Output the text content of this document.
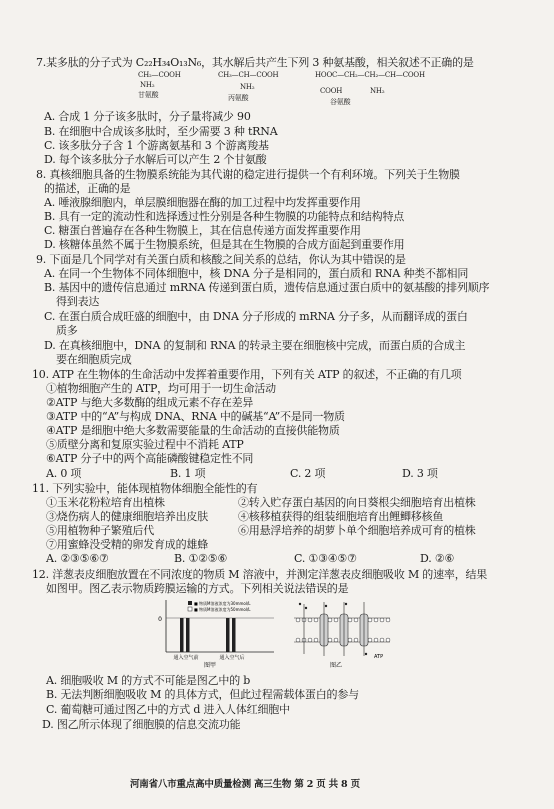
7.某多肽的分子式为 C₂₂H₃₄O₁₃N₆，其水解后共产生下列 3 种氨基酸，相关叙述不正确的是
CH₂—COOH
NH₂
甘氨酸
CH₃—CH—COOH
NH₂
丙氨酸
HOOC—CH₂—CH₂—CH—COOH
COOH	NH₂
谷氨酸
A. 合成 1 分子该多肽时，分子量将减少 90
B. 在细胞中合成该多肽时，至少需要 3 种 tRNA
C. 该多肽分子含 1 个游离氨基和 3 个游离羧基
D. 每个该多肽分子水解后可以产生 2 个甘氨酸
8. 真核细胞具备的生物膜系统能为其代谢的稳定进行提供一个有利环境。下列关于生物膜
的描述，正确的是
A. 唾液腺细胞内，单层膜细胞器在酶的加工过程中均发挥重要作用
B. 具有一定的流动性和选择透过性分别是各种生物膜的功能特点和结构特点
C. 糖蛋白普遍存在各种生物膜上，其在信息传递方面发挥重要作用
D. 核糖体虽然不属于生物膜系统，但是其在生物膜的合成方面起到重要作用
9. 下面是几个同学对有关蛋白质和核酸之间关系的总结，你认为其中错误的是
A. 在同一个生物体不同体细胞中，核 DNA 分子是相同的，蛋白质和 RNA 种类不都相同
B. 基因中的遗传信息通过 mRNA 传递到蛋白质，遗传信息通过蛋白质中的氨基酸的排列顺序
得到表达
C. 在蛋白质合成旺盛的细胞中，由 DNA 分子形成的 mRNA 分子多，从而翻译成的蛋白
质多
D. 在真核细胞中，DNA 的复制和 RNA 的转录主要在细胞核中完成，而蛋白质的合成主
要在细胞质完成
10. ATP 在生物体的生命活动中发挥着重要作用，下列有关 ATP 的叙述，不正确的有几项
①植物细胞产生的 ATP，均可用于一切生命活动
②ATP 与绝大多数酶的组成元素不存在差异
③ATP 中的“A”与构成 DNA、RNA 中的碱基“A”不是同一物质
④ATP 是细胞中绝大多数需要能量的生命活动的直接供能物质
⑤质壁分离和复原实验过程中不消耗 ATP
⑥ATP 分子中的两个高能磷酸键稳定性不同
A. 0 项	B. 1 项	C. 2 项	D. 3 项
11. 下列实验中，能体现植物体细胞全能性的有
①玉米花粉粒培育出植株	②转入贮存蛋白基因的向日葵根尖细胞培育出植株
③烧伤病人的健康细胞培养出皮肤	④核移植获得的组装细胞培育出鲤鲫移核鱼
⑤用植物种子繁殖后代	⑥用悬浮培养的胡萝卜单个细胞培养成可育的植株
⑦用蜜蜂没受精的卵发育成的雄蜂
A. ②③⑤⑥⑦	B. ①②⑤⑥	C. ①③④⑤⑦	D. ②⑥
12. 洋葱表皮细胞放置在不同浓度的物质 M 溶液中，并测定洋葱表皮细胞吸收 M 的速率，结果
如图甲。图乙表示物质跨膜运输的方式。下列相关说法错误的是
0
■ 物质M溶液浓度为30mmol/L
■ 物质M溶液浓度为50mmol/L
通入空气前	通入空气后
图甲
ATP
图乙
A. 细胞吸收 M 的方式不可能是图乙中的 b
B. 无法判断细胞吸收 M 的具体方式，但此过程需载体蛋白的参与
C. 葡萄糖可通过图乙中的方式 d 进入人体红细胞中
D. 图乙所示体现了细胞膜的信息交流功能
河南省八市重点高中质量检测 高三生物 第 2 页 共 8 页
